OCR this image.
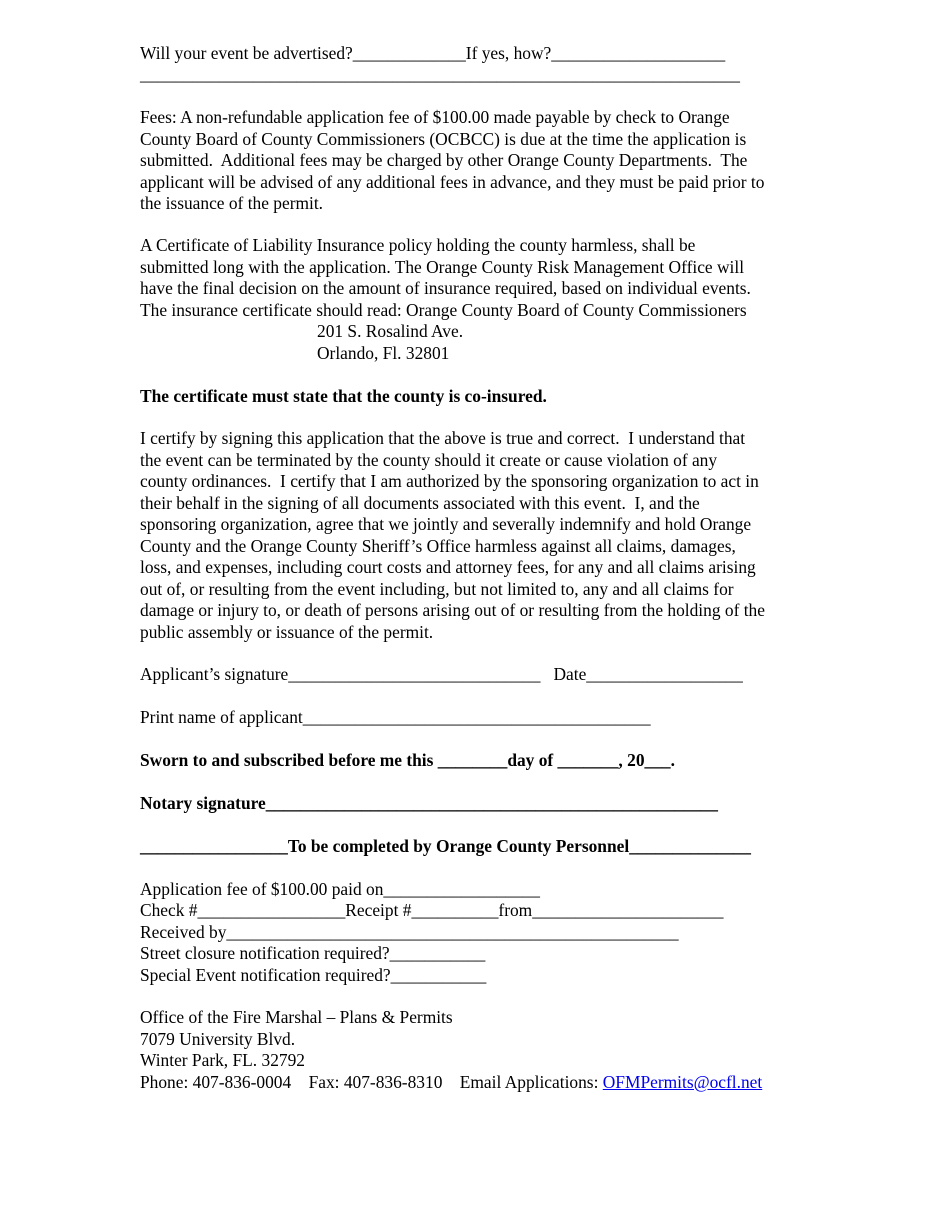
Will your event be advertised?_____________If yes, how?____________________
_____________________________________________________________________
Fees: A non-refundable application fee of $100.00 made payable by check to Orange
County Board of County Commissioners (OCBCC) is due at the time the application is
submitted.  Additional fees may be charged by other Orange County Departments.  The
applicant will be advised of any additional fees in advance, and they must be paid prior to
the issuance of the permit.
A Certificate of Liability Insurance policy holding the county harmless, shall be
submitted long with the application. The Orange County Risk Management Office will
have the final decision on the amount of insurance required, based on individual events.
The insurance certificate should read: Orange County Board of County Commissioners
201 S. Rosalind Ave.
Orlando, Fl. 32801
The certificate must state that the county is co-insured.
I certify by signing this application that the above is true and correct.  I understand that
the event can be terminated by the county should it create or cause violation of any
county ordinances.  I certify that I am authorized by the sponsoring organization to act in
their behalf in the signing of all documents associated with this event.  I, and the
sponsoring organization, agree that we jointly and severally indemnify and hold Orange
County and the Orange County Sheriff’s Office harmless against all claims, damages,
loss, and expenses, including court costs and attorney fees, for any and all claims arising
out of, or resulting from the event including, but not limited to, any and all claims for
damage or injury to, or death of persons arising out of or resulting from the holding of the
public assembly or issuance of the permit.
Applicant’s signature_____________________________   Date__________________
Print name of applicant________________________________________
Sworn to and subscribed before me this ________day of _______, 20___.
Notary signature____________________________________________________
_________________To be completed by Orange County Personnel______________
Application fee of $100.00 paid on__________________
Check #_________________Receipt #__________from______________________
Received by____________________________________________________
Street closure notification required?___________
Special Event notification required?___________
Office of the Fire Marshal – Plans & Permits
7079 University Blvd.
Winter Park, FL. 32792
Phone: 407-836-0004    Fax: 407-836-8310    Email Applications: OFMPermits@ocfl.net
